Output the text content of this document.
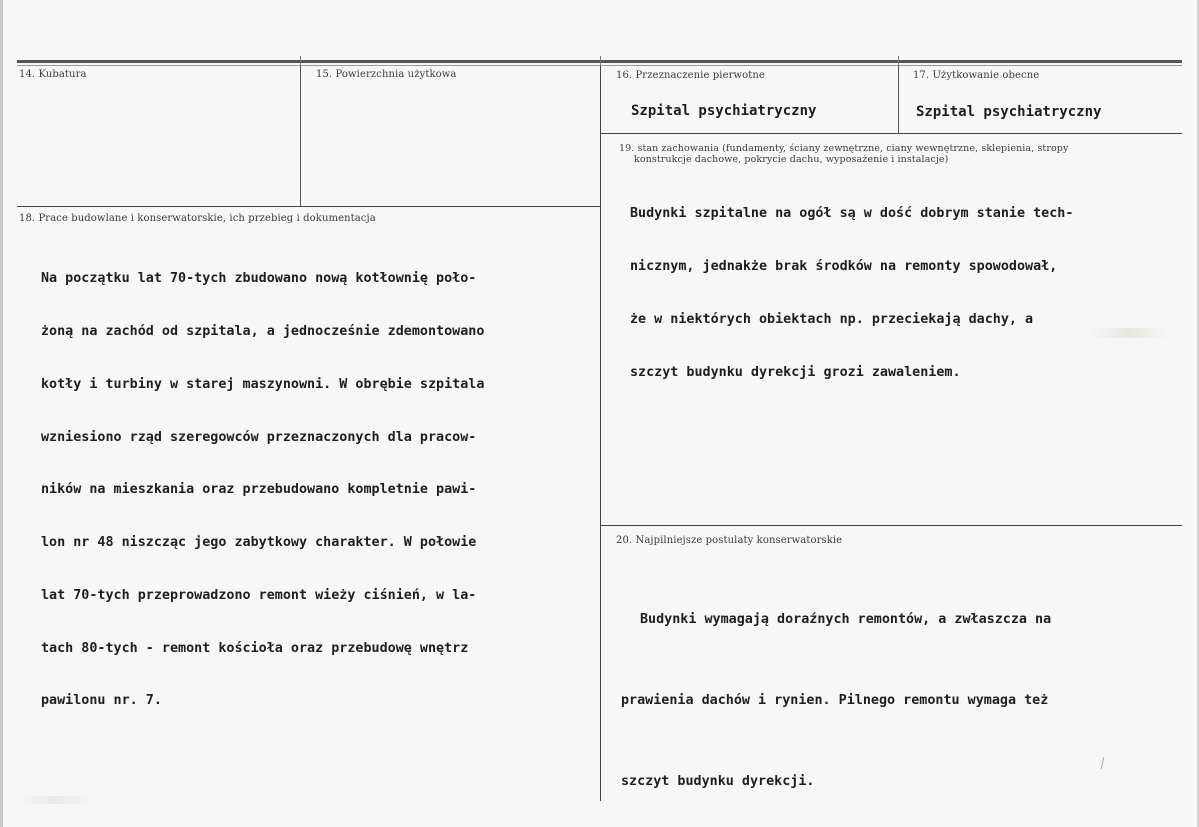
14. Kubatura	15. Powierzchnia użytkowa	16. Przeznaczenie pierwotne
Szpital psychiatryczny
17. Użytkowanie obecne
Szpital psychiatryczny
18. Prace budowlane i konserwatorskie, ich przebieg i dokumentacja

Na początku lat 70-tych zbudowano nową kotłownię poło-

żoną na zachód od szpitala, a jednocześnie zdemontowano

kotły i turbiny w starej maszynowni. W obrębie szpitala

wzniesiono rząd szeregowców przeznaczonych dla pracow-

ników na mieszkania oraz przebudowano kompletnie pawi-

lon nr 48 niszcząc jego zabytkowy charakter. W połowie

lat 70-tych przeprowadzono remont wieży ciśnień, w la-

tach 80-tych - remont kościoła oraz przebudowę wnętrz

pawilonu nr. 7.

19. stan zachowania (fundamenty, ściany zewnętrzne, ciany wewnętrzne, sklepienia, stropy
konstrukcje dachowe, pokrycie dachu, wyposażenie i instalacje)

Budynki szpitalne na ogół są w dość dobrym stanie tech-

nicznym, jednakże brak środków na remonty spowodował,

że w niektórych obiektach np. przeciekają dachy, a

szczyt budynku dyrekcji grozi zawaleniem.

20. Najpilniejsze postulaty konserwatorskie

Budynki wymagają doraźnych remontów, a zwłaszcza na

prawienia dachów i rynien. Pilnego remontu wymaga też

szczyt budynku dyrekcji.
